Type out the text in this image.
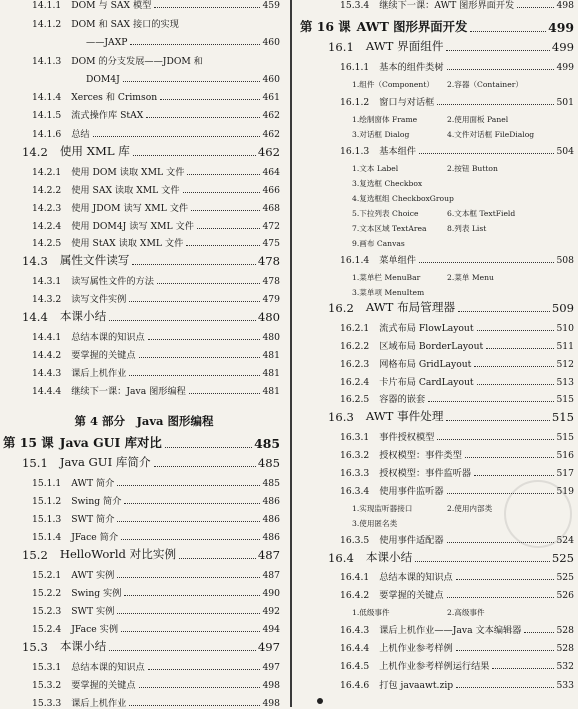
14.1.1 DOM 与 SAX 模型	459
14.1.2 DOM 和 SAX 接口的实现
——JAXP	460
14.1.3 DOM 的分支发展——JDOM 和
DOM4J	460
14.1.4 Xerces 和 Crimson	461
14.1.5 流式操作库 StAX	462
14.1.6 总结	462
14.2 使用 XML 库	462
14.2.1 使用 DOM 读取 XML 文件	464
14.2.2 使用 SAX 读取 XML 文件	466
14.2.3 使用 JDOM 读写 XML 文件	468
14.2.4 使用 DOM4J 读写 XML 文件	472
14.2.5 使用 StAX 读取 XML 文件	475
14.3 属性文件读写	478
14.3.1 读写属性文件的方法	478
14.3.2 读写文件实例	479
14.4 本课小结	480
14.4.1 总结本课的知识点	480
14.4.2 要掌握的关键点	481
14.4.3 课后上机作业	481
14.4.4 继续下一课：Java 图形编程	481
第 4 部分　Java 图形编程
第 15 课 Java GUI 库对比	485
15.1 Java GUI 库简介	485
15.1.1 AWT 简介	485
15.1.2 Swing 简介	486
15.1.3 SWT 简介	486
15.1.4 JFace 简介	486
15.2 HelloWorld 对比实例	487
15.2.1 AWT 实例	487
15.2.2 Swing 实例	490
15.2.3 SWT 实例	492
15.2.4 JFace 实例	494
15.3 本课小结	497
15.3.1 总结本课的知识点	497
15.3.2 要掌握的关键点	498
15.3.3 课后上机作业	498
15.3.4 继续下一课：AWT 图形界面开发	498
第 16 课 AWT 图形界面开发	499
16.1 AWT 界面组件	499
16.1.1 基本的组件类树	499
1.组件（Component）	2.容器（Container）
16.1.2 窗口与对话框	501
1.绘制窗体 Frame	2.使用面板 Panel
3.对话框 Dialog	4.文件对话框 FileDialog
16.1.3 基本组件	504
1.文本 Label	2.按钮 Button
3.复选框 Checkbox
4.复选框组 CheckboxGroup
5.下拉列表 Choice	6.文本框 TextField
7.文本区域 TextArea	8.列表 List
9.画布 Canvas
16.1.4 菜单组件	508
1.菜单栏 MenuBar	2.菜单 Menu
3.菜单项 MenuItem
16.2 AWT 布局管理器	509
16.2.1 流式布局 FlowLayout	510
16.2.2 区域布局 BorderLayout	511
16.2.3 网格布局 GridLayout	512
16.2.4 卡片布局 CardLayout	513
16.2.5 容器的嵌套	515
16.3 AWT 事件处理	515
16.3.1 事件授权模型	515
16.3.2 授权模型：事件类型	516
16.3.3 授权模型：事件监听器	517
16.3.4 使用事件监听器	519
1.实现监听器接口	2.使用内部类
3.使用匿名类
16.3.5 使用事件适配器	524
16.4 本课小结	525
16.4.1 总结本课的知识点	525
16.4.2 要掌握的关键点	526
1.低级事件	2.高级事件
16.4.3 课后上机作业——Java 文本编辑器	528
16.4.4 上机作业参考样例	528
16.4.5 上机作业参考样例运行结果	532
16.4.6 打包 javaawt.zip	533
